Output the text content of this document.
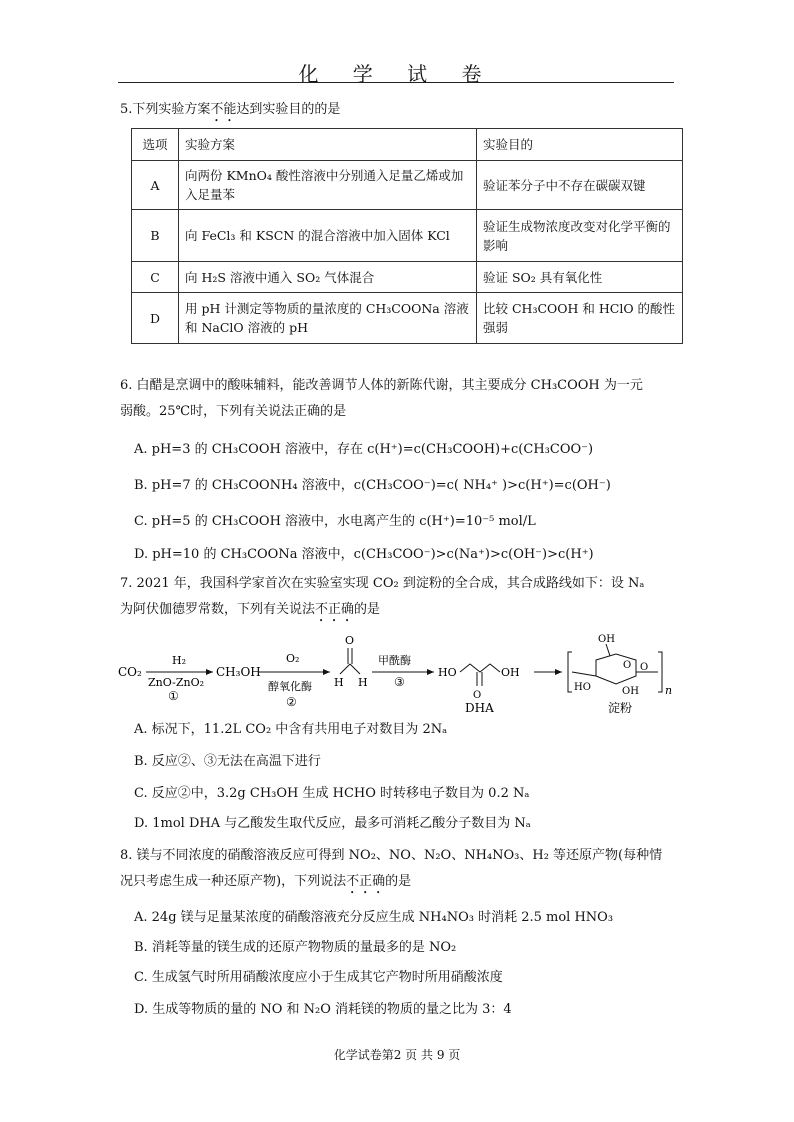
化 学 试 卷
5.下列实验方案不能达到实验目的的是
选项	实验方案	实验目的
A	向两份 KMnO₄ 酸性溶液中分别通入足量乙烯或加入足量苯	验证苯分子中不存在碳碳双键
B	向 FeCl₃ 和 KSCN 的混合溶液中加入固体 KCl	验证生成物浓度改变对化学平衡的影响
C	向 H₂S 溶液中通入 SO₂ 气体混合	验证 SO₂ 具有氧化性
D	用 pH 计测定等物质的量浓度的 CH₃COONa 溶液和 NaClO 溶液的 pH	比较 CH₃COOH 和 HClO 的酸性强弱
6. 白醋是烹调中的酸味辅料，能改善调节人体的新陈代谢，其主要成分 CH₃COOH 为一元
弱酸。25℃时，下列有关说法正确的是
A. pH=3 的 CH₃COOH 溶液中，存在 c(H⁺)=c(CH₃COOH)+c(CH₃COO⁻)
B. pH=7 的 CH₃COONH₄ 溶液中，c(CH₃COO⁻)=c( NH₄⁺ )>c(H⁺)=c(OH⁻)
C. pH=5 的 CH₃COOH 溶液中，水电离产生的 c(H⁺)=10⁻⁵ mol/L
D. pH=10 的 CH₃COONa 溶液中，c(CH₃COO⁻)>c(Na⁺)>c(OH⁻)>c(H⁺)
7. 2021 年，我国科学家首次在实验室实现 CO₂ 到淀粉的全合成，其合成路线如下：设 Nₐ
为阿伏伽德罗常数，下列有关说法不正确的是
CO₂
H₂
ZnO-ZnO₂
①
CH₃OH
O₂
醇氧化酶
②
O
H H
甲酰酶
③
HO
O
OH
DHA
OH
O O
HO	OH n
淀粉
A. 标况下，11.2L CO₂ 中含有共用电子对数目为 2Nₐ
B. 反应②、③无法在高温下进行
C. 反应②中，3.2g CH₃OH 生成 HCHO 时转移电子数目为 0.2 Nₐ
D. 1mol DHA 与乙酸发生取代反应，最多可消耗乙酸分子数目为 Nₐ
8. 镁与不同浓度的硝酸溶液反应可得到 NO₂、NO、N₂O、NH₄NO₃、H₂ 等还原产物(每种情
况只考虑生成一种还原产物)，下列说法不正确的是
A. 24g 镁与足量某浓度的硝酸溶液充分反应生成 NH₄NO₃ 时消耗 2.5 mol HNO₃
B. 消耗等量的镁生成的还原产物物质的量最多的是 NO₂
C. 生成氢气时所用硝酸浓度应小于生成其它产物时所用硝酸浓度
D. 生成等物质的量的 NO 和 N₂O 消耗镁的物质的量之比为 3：4
化学试卷第2 页 共 9 页
